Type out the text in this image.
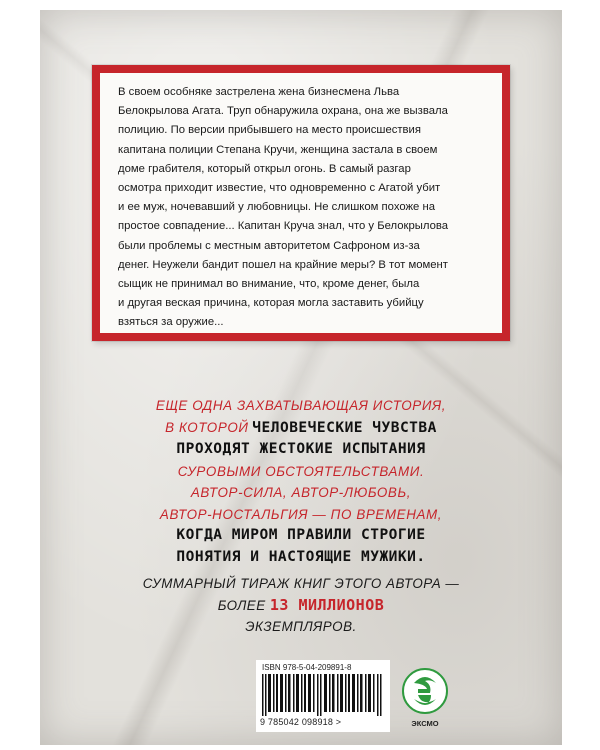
В своем особняке застрелена жена бизнесмена Льва
Белокрылова Агата. Труп обнаружила охрана, она же вызвала
полицию. По версии прибывшего на место происшествия
капитана полиции Степана Кручи, женщина застала в своем
доме грабителя, который открыл огонь. В самый разгар
осмотра приходит известие, что одновременно с Агатой убит
и ее муж, ночевавший у любовницы. Не слишком похоже на
простое совпадение... Капитан Круча знал, что у Белокрылова
были проблемы с местным авторитетом Сафроном из-за
денег. Неужели бандит пошел на крайние меры? В тот момент
сыщик не принимал во внимание, что, кроме денег, была
и другая веская причина, которая могла заставить убийцу
взяться за оружие...

ЕЩЕ ОДНА ЗАХВАТЫВАЮЩАЯ ИСТОРИЯ,
В КОТОРОЙ ЧЕЛОВЕЧЕСКИЕ ЧУВСТВА
ПРОХОДЯТ ЖЕСТОКИЕ ИСПЫТАНИЯ
СУРОВЫМИ ОБСТОЯТЕЛЬСТВАМИ.
АВТОР-СИЛА, АВТОР-ЛЮБОВЬ,
АВТОР-НОСТАЛЬГИЯ — ПО ВРЕМЕНАМ,
КОГДА МИРОМ ПРАВИЛИ СТРОГИЕ
ПОНЯТИЯ И НАСТОЯЩИЕ МУЖИКИ.
СУММАРНЫЙ ТИРАЖ КНИГ ЭТОГО АВТОРА —
БОЛЕЕ 13 МИЛЛИОНОВ
ЭКЗЕМПЛЯРОВ.
ISBN 978-5-04-209891-8
9 785042 098918 >	ЭКСМО
